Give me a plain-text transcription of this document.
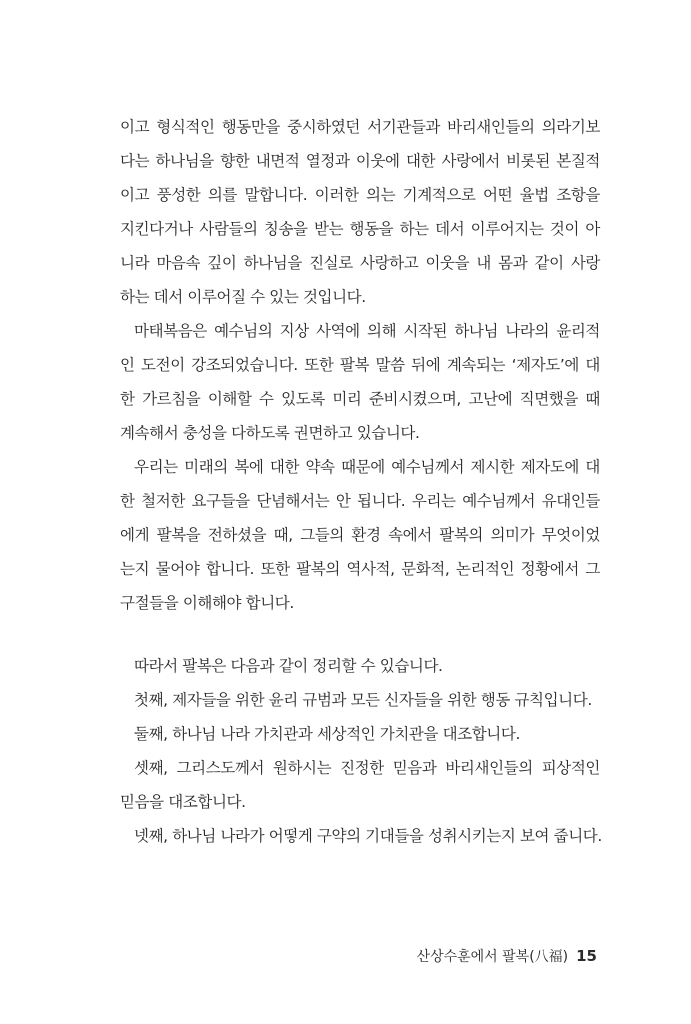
이고 형식적인 행동만을 중시하였던 서기관들과 바리새인들의 의라기보
다는 하나님을 향한 내면적 열정과 이웃에 대한 사랑에서 비롯된 본질적
이고 풍성한 의를 말합니다. 이러한 의는 기계적으로 어떤 율법 조항을
지킨다거나 사람들의 칭송을 받는 행동을 하는 데서 이루어지는 것이 아
니라 마음속 깊이 하나님을 진실로 사랑하고 이웃을 내 몸과 같이 사랑
하는 데서 이루어질 수 있는 것입니다.
마태복음은 예수님의 지상 사역에 의해 시작된 하나님 나라의 윤리적
인 도전이 강조되었습니다. 또한 팔복 말씀 뒤에 계속되는 ‘제자도’에 대
한 가르침을 이해할 수 있도록 미리 준비시켰으며, 고난에 직면했을 때
계속해서 충성을 다하도록 권면하고 있습니다.
우리는 미래의 복에 대한 약속 때문에 예수님께서 제시한 제자도에 대
한 철저한 요구들을 단념해서는 안 됩니다. 우리는 예수님께서 유대인들
에게 팔복을 전하셨을 때, 그들의 환경 속에서 팔복의 의미가 무엇이었
는지 물어야 합니다. 또한 팔복의 역사적, 문화적, 논리적인 정황에서 그
구절들을 이해해야 합니다.
따라서 팔복은 다음과 같이 정리할 수 있습니다.
첫째, 제자들을 위한 윤리 규범과 모든 신자들을 위한 행동 규칙입니다.
둘째, 하나님 나라 가치관과 세상적인 가치관을 대조합니다.
셋째, 그리스도께서 원하시는 진정한 믿음과 바리새인들의 피상적인
믿음을 대조합니다.
넷째, 하나님 나라가 어떻게 구약의 기대들을 성취시키는지 보여 줍니다.
산상수훈에서 팔복(八福) 15
